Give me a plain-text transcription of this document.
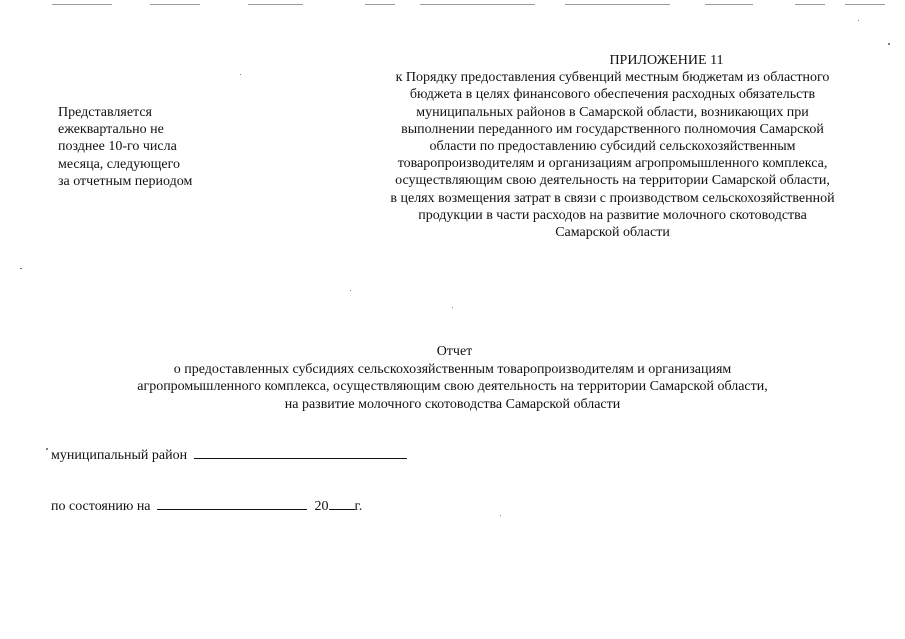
Представляется
ежеквартально не
позднее 10-го числа
месяца, следующего
за отчетным периодом
ПРИЛОЖЕНИЕ 11
к Порядку предоставления субвенций местным бюджетам из областного
бюджета в целях финансового обеспечения расходных обязательств
муниципальных районов в Самарской области, возникающих при
выполнении переданного им государственного полномочия Самарской
области по предоставлению субсидий сельскохозяйственным
товаропроизводителям и организациям агропромышленного комплекса,
осуществляющим свою деятельность на территории Самарской области,
в целях возмещения затрат в связи с производством сельскохозяйственной
продукции в части расходов на развитие молочного скотоводства
Самарской области
Отчет
о предоставленных субсидиях сельскохозяйственным товаропроизводителям и организациям
агропромышленного комплекса, осуществляющим свою деятельность на территории Самарской области,
на развитие молочного скотоводства Самарской области
муниципальный район
по состоянию на	20 г.
